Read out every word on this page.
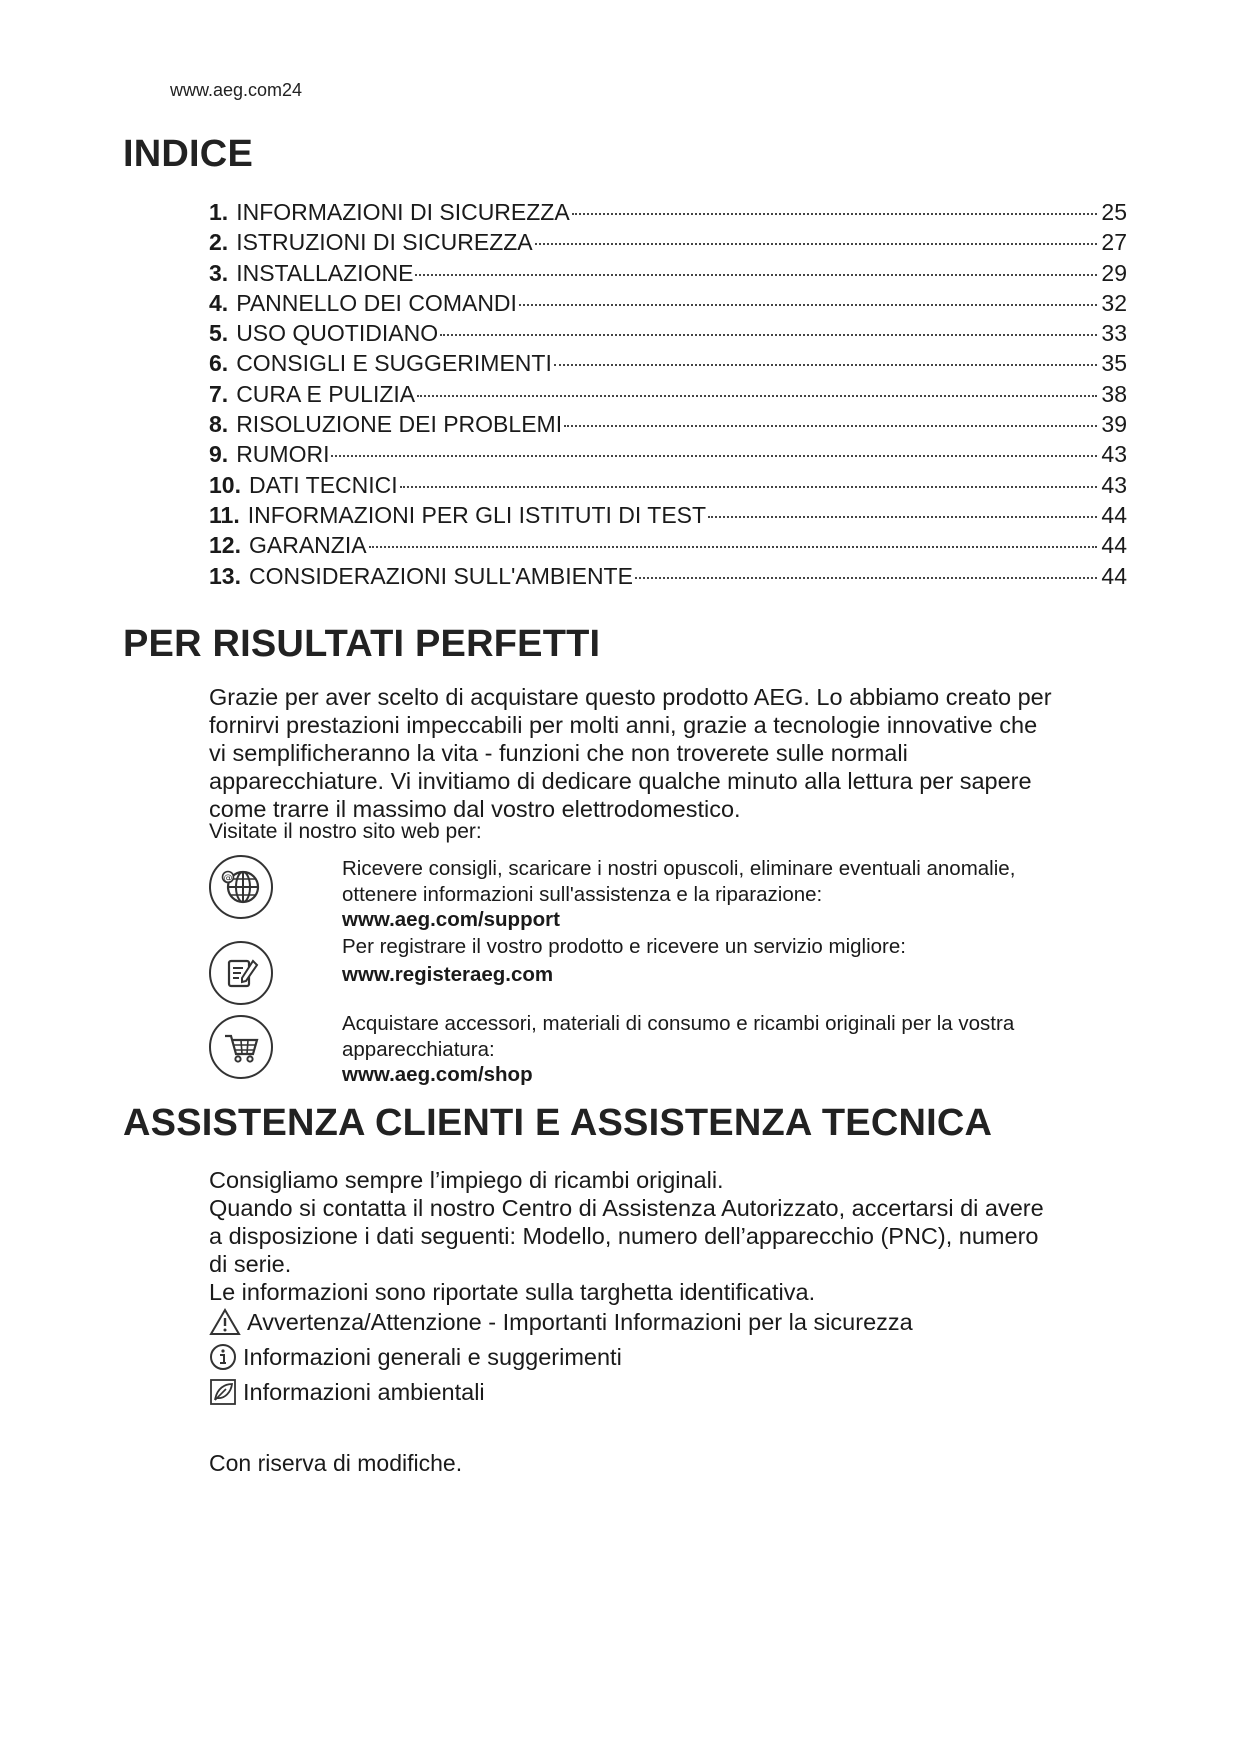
www.aeg.com24
INDICE
1. INFORMAZIONI DI SICUREZZA	25
2. ISTRUZIONI DI SICUREZZA	27
3. INSTALLAZIONE	29
4. PANNELLO DEI COMANDI	32
5. USO QUOTIDIANO	33
6. CONSIGLI E SUGGERIMENTI	35
7. CURA E PULIZIA	38
8. RISOLUZIONE DEI PROBLEMI	39
9. RUMORI	43
10. DATI TECNICI	43
11. INFORMAZIONI PER GLI ISTITUTI DI TEST	44
12. GARANZIA	44
13. CONSIDERAZIONI SULL'AMBIENTE	44
PER RISULTATI PERFETTI

Grazie per aver scelto di acquistare questo prodotto AEG. Lo abbiamo creato per

fornirvi prestazioni impeccabili per molti anni, grazie a tecnologie innovative che

vi semplificheranno la vita - funzioni che non troverete sulle normali

apparecchiature. Vi invitiamo di dedicare qualche minuto alla lettura per sapere

come trarre il massimo dal vostro elettrodomestico.

Visitate il nostro sito web per:
@	Ricevere consigli, scaricare i nostri opuscoli, eliminare eventuali anomalie,
ottenere informazioni sull'assistenza e la riparazione:
www.aeg.com/support
Per registrare il vostro prodotto e ricevere un servizio migliore:
www.registeraeg.com
Acquistare accessori, materiali di consumo e ricambi originali per la vostra
apparecchiatura:
www.aeg.com/shop
ASSISTENZA CLIENTI E ASSISTENZA TECNICA

Consigliamo sempre l’impiego di ricambi originali.

Quando si contatta il nostro Centro di Assistenza Autorizzato, accertarsi di avere

a disposizione i dati seguenti: Modello, numero dell’apparecchio (PNC), numero

di serie.

Le informazioni sono riportate sulla targhetta identificativa.

Avvertenza/Attenzione - Importanti Informazioni per la sicurezza
Informazioni generali e suggerimenti
Informazioni ambientali
Con riserva di modifiche.
